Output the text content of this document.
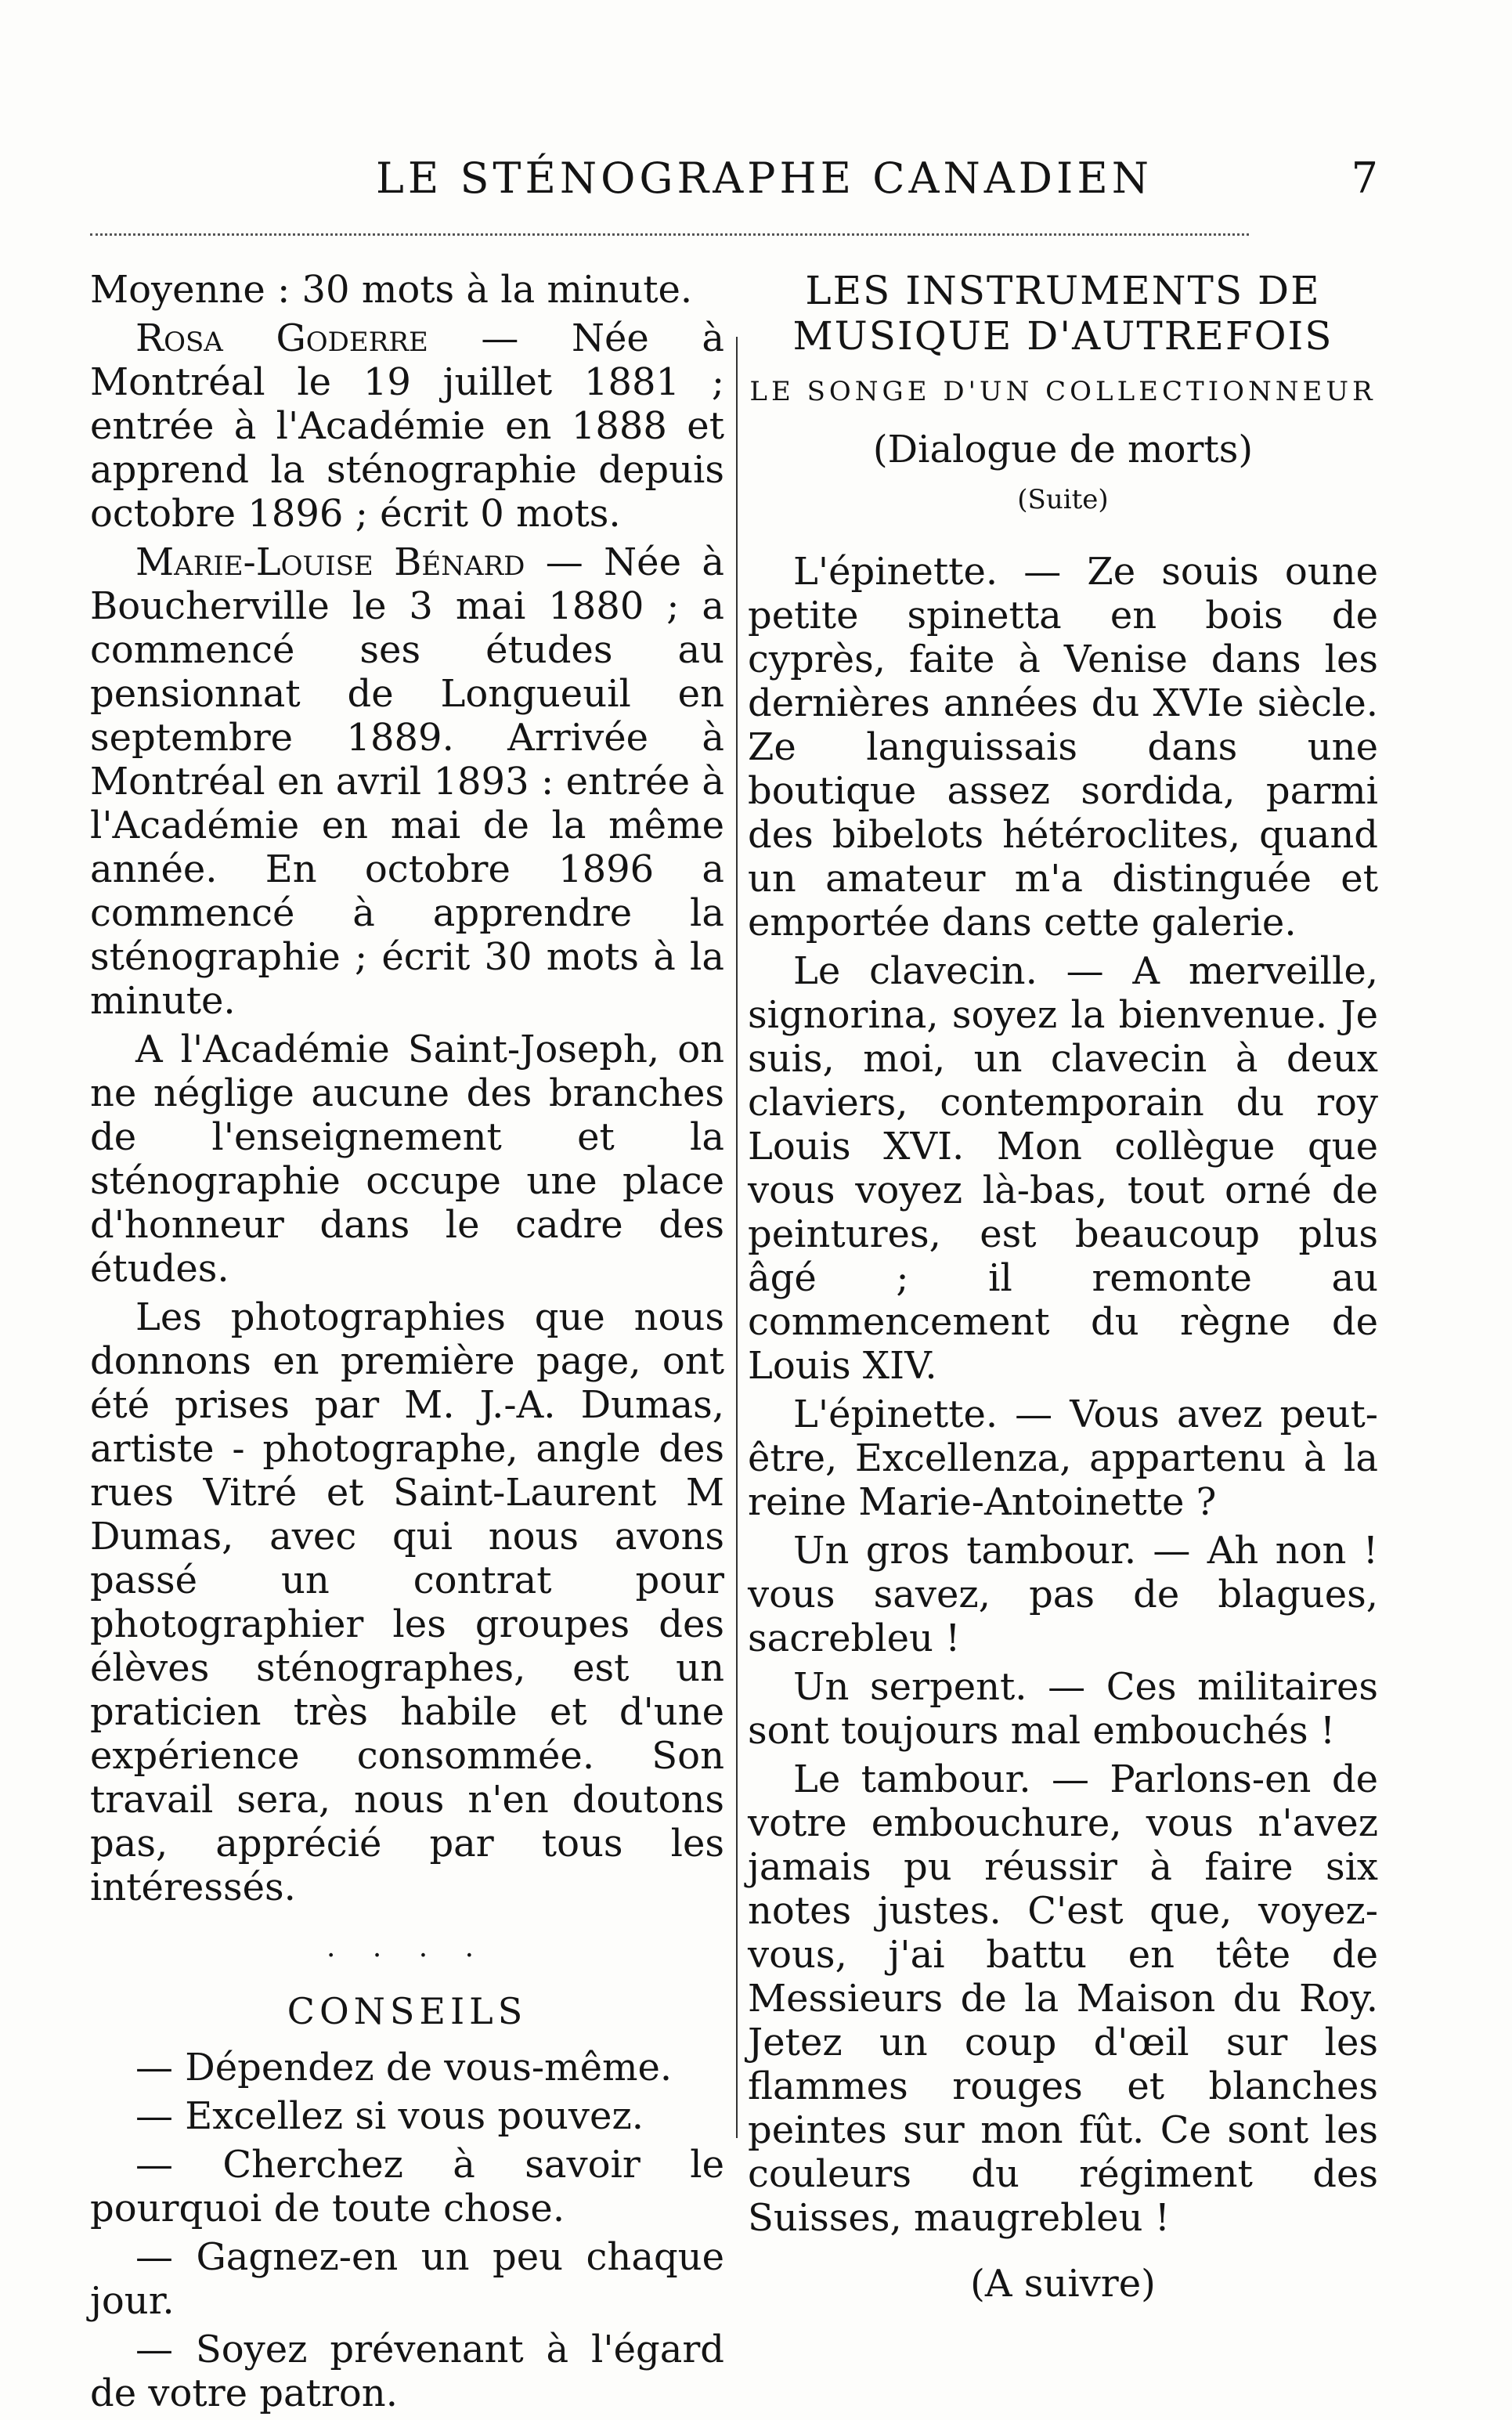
LE STÉNOGRAPHE CANADIEN	7

Moyenne : 30 mots à la minute.

Rosa Goderre — Née à Montréal le 19 juillet 1881 ; entrée à l'Académie en 1888 et apprend la sténographie depuis octobre 1896 ; écrit 0 mots.

Marie-Louise Bénard — Née à Boucherville le 3 mai 1880 ; a commencé ses études au pensionnat de Longueuil en septembre 1889. Arrivée à Montréal en avril 1893 : entrée à l'Académie en mai de la même année. En octobre 1896 a commencé à apprendre la sténographie ; écrit 30 mots à la minute.

A l'Académie Saint-Joseph, on ne néglige aucune des branches de l'enseignement et la sténographie occupe une place d'honneur dans le cadre des études.

Les photographies que nous donnons en première page, ont été prises par M. J.-A. Dumas, artiste - photographe, angle des rues Vitré et Saint-Laurent M Dumas, avec qui nous avons passé un contrat pour photographier les groupes des élèves sténographes, est un praticien très habile et d'une expérience consommée. Son travail sera, nous n'en doutons pas, apprécié par tous les intéressés.

· · · ·
CONSEILS

— Dépendez de vous-même.

— Excellez si vous pouvez.

— Cherchez à savoir le pourquoi de toute chose.

— Gagnez-en un peu chaque jour.

— Soyez prévenant à l'égard de votre patron.

LES INSTRUMENTS DE MUSIQUE D'AUTREFOIS
LE SONGE D'UN COLLECTIONNEUR
(Dialogue de morts)
(Suite)

L'épinette. — Ze souis oune petite spinetta en bois de cyprès, faite à Venise dans les dernières années du XVIe siècle. Ze languissais dans une boutique assez sordida, parmi des bibelots hétéroclites, quand un amateur m'a distinguée et emportée dans cette galerie.

Le clavecin. — A merveille, signorina, soyez la bienvenue. Je suis, moi, un clavecin à deux claviers, contemporain du roy Louis XVI. Mon collègue que vous voyez là-bas, tout orné de peintures, est beaucoup plus âgé ; il remonte au commencement du règne de Louis XIV.

L'épinette. — Vous avez peut-être, Excellenza, appartenu à la reine Marie-Antoinette ?

Un gros tambour. — Ah non ! vous savez, pas de blagues, sacrebleu !

Un serpent. — Ces militaires sont toujours mal embouchés !

Le tambour. — Parlons-en de votre embouchure, vous n'avez jamais pu réussir à faire six notes justes. C'est que, voyez-vous, j'ai battu en tête de Messieurs de la Maison du Roy. Jetez un coup d'œil sur les flammes rouges et blanches peintes sur mon fût. Ce sont les couleurs du régiment des Suisses, maugrebleu !

(A suivre)
